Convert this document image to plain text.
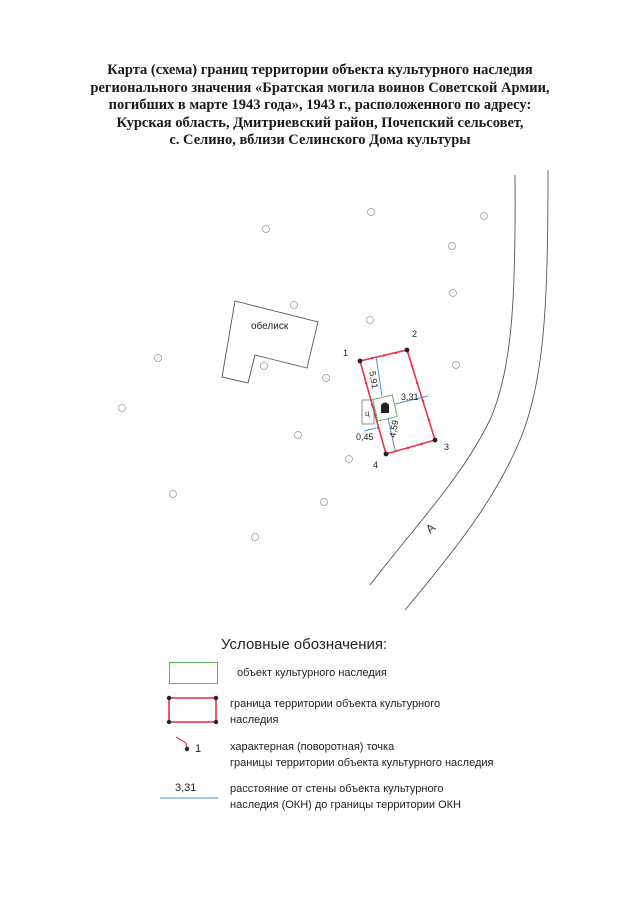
Карта (схема) границ территории объекта культурного наследия
регионального значения «Братская могила воинов Советской Армии,
погибших в марте 1943 года», 1943 г., расположенного по адресу:
Курская область, Дмитриевский район, Почепский сельсовет,
с. Селино, вблизи Селинского Дома культуры
А
обелиск
ц
5,91
3,31
4,59
0,45
1
2
3
4
Условные обозначения:
объект культурного наследия
граница территории объекта культурного
наследия
1	характерная (поворотная) точка
границы территории объекта культурного наследия
3,31	расстояние от стены объекта культурного
наследия (ОКН) до границы территории ОКН
